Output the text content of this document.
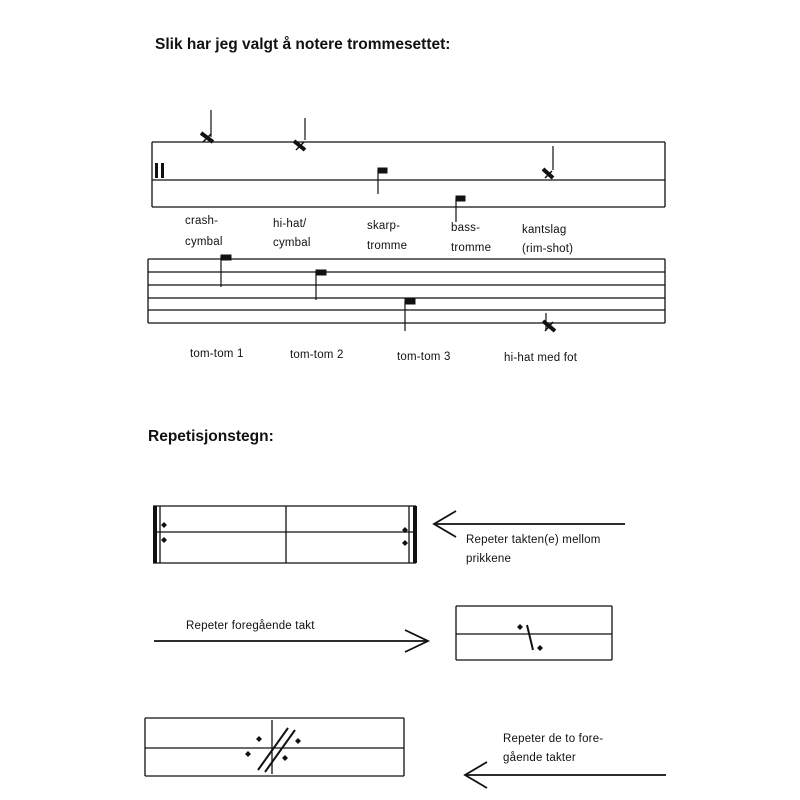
Slik har jeg valgt å notere trommesettet:
Repetisjonstegn:
crash-
cymbal
hi-hat/
cymbal
skarp-
tromme
bass-
tromme
kantslag
(rim-shot)
tom-tom 1	tom-tom 2	tom-tom 3	hi-hat med fot
Repeter takten(e) mellom
prikkene
Repeter foregående takt
Repeter de to fore-
gående takter
